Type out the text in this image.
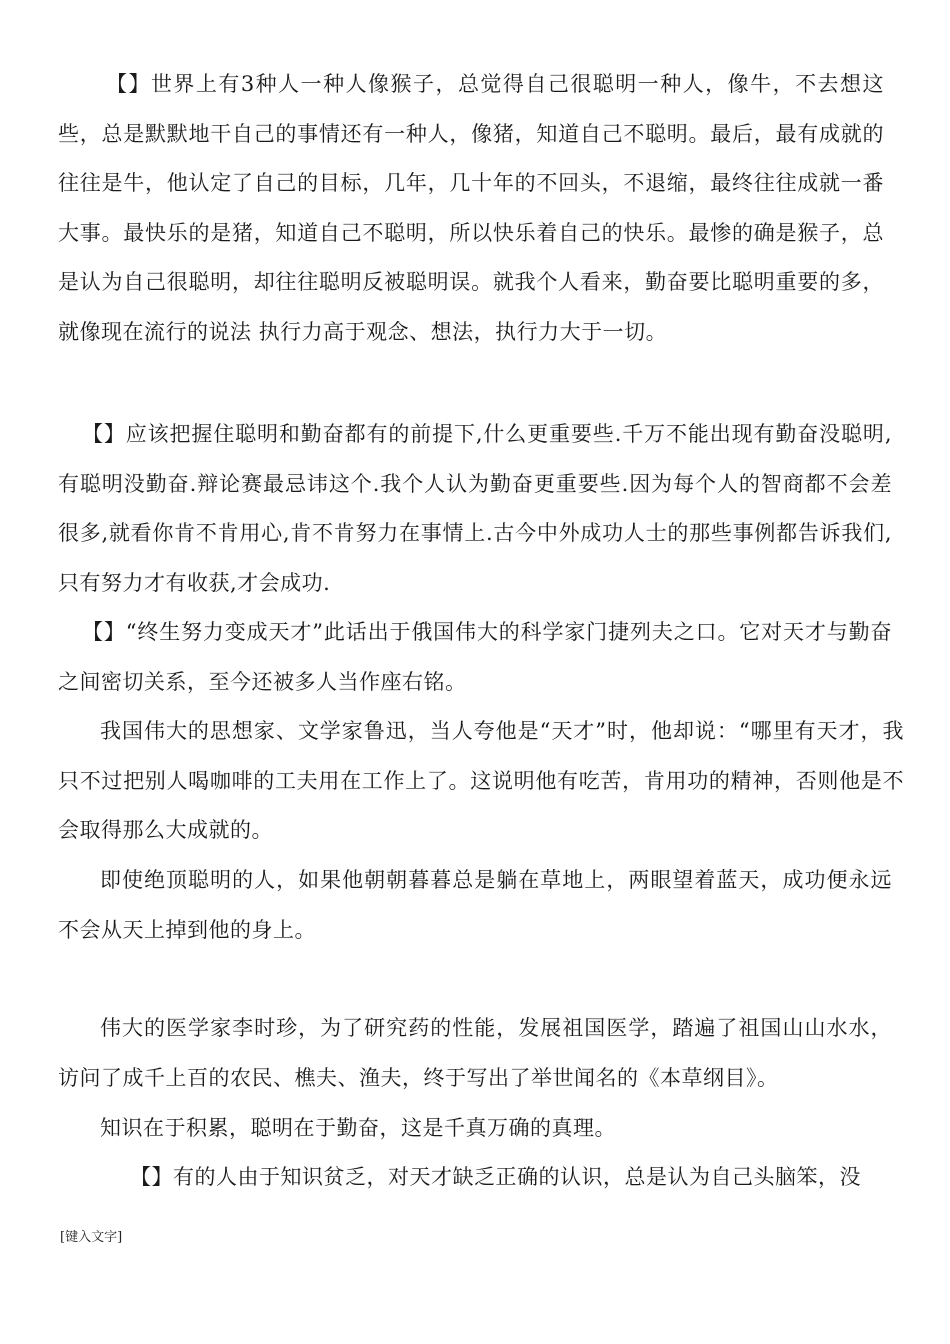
【】世界上有3种人一种人像猴子，总觉得自己很聪明一种人，像牛，不去想这些，总是默默地干自己的事情还有一种人，像猪，知道自己不聪明。最后，最有成就的往往是牛，他认定了自己的目标，几年，几十年的不回头，不退缩，最终往往成就一番大事。最快乐的是猪，知道自己不聪明，所以快乐着自己的快乐。最惨的确是猴子，总是认为自己很聪明，却往往聪明反被聪明误。就我个人看来，勤奋要比聪明重要的多，就像现在流行的说法 执行力高于观念、想法，执行力大于一切。

【】应该把握住聪明和勤奋都有的前提下,什么更重要些.千万不能出现有勤奋没聪明,有聪明没勤奋.辩论赛最忌讳这个.我个人认为勤奋更重要些.因为每个人的智商都不会差很多,就看你肯不肯用心,肯不肯努力在事情上.古今中外成功人士的那些事例都告诉我们,只有努力才有收获,才会成功.

【】“终生努力变成天才”此话出于俄国伟大的科学家门捷列夫之口。它对天才与勤奋之间密切关系，至今还被多人当作座右铭。

我国伟大的思想家、文学家鲁迅，当人夸他是“天才”时，他却说：“哪里有天才，我只不过把别人喝咖啡的工夫用在工作上了。这说明他有吃苦，肯用功的精神，否则他是不会取得那么大成就的。

即使绝顶聪明的人，如果他朝朝暮暮总是躺在草地上，两眼望着蓝天，成功便永远不会从天上掉到他的身上。

伟大的医学家李时珍，为了研究药的性能，发展祖国医学，踏遍了祖国山山水水，访问了成千上百的农民、樵夫、渔夫，终于写出了举世闻名的《本草纲目》。

知识在于积累，聪明在于勤奋，这是千真万确的真理。

【】有的人由于知识贫乏，对天才缺乏正确的认识，总是认为自己头脑笨，没

[键入文字]
